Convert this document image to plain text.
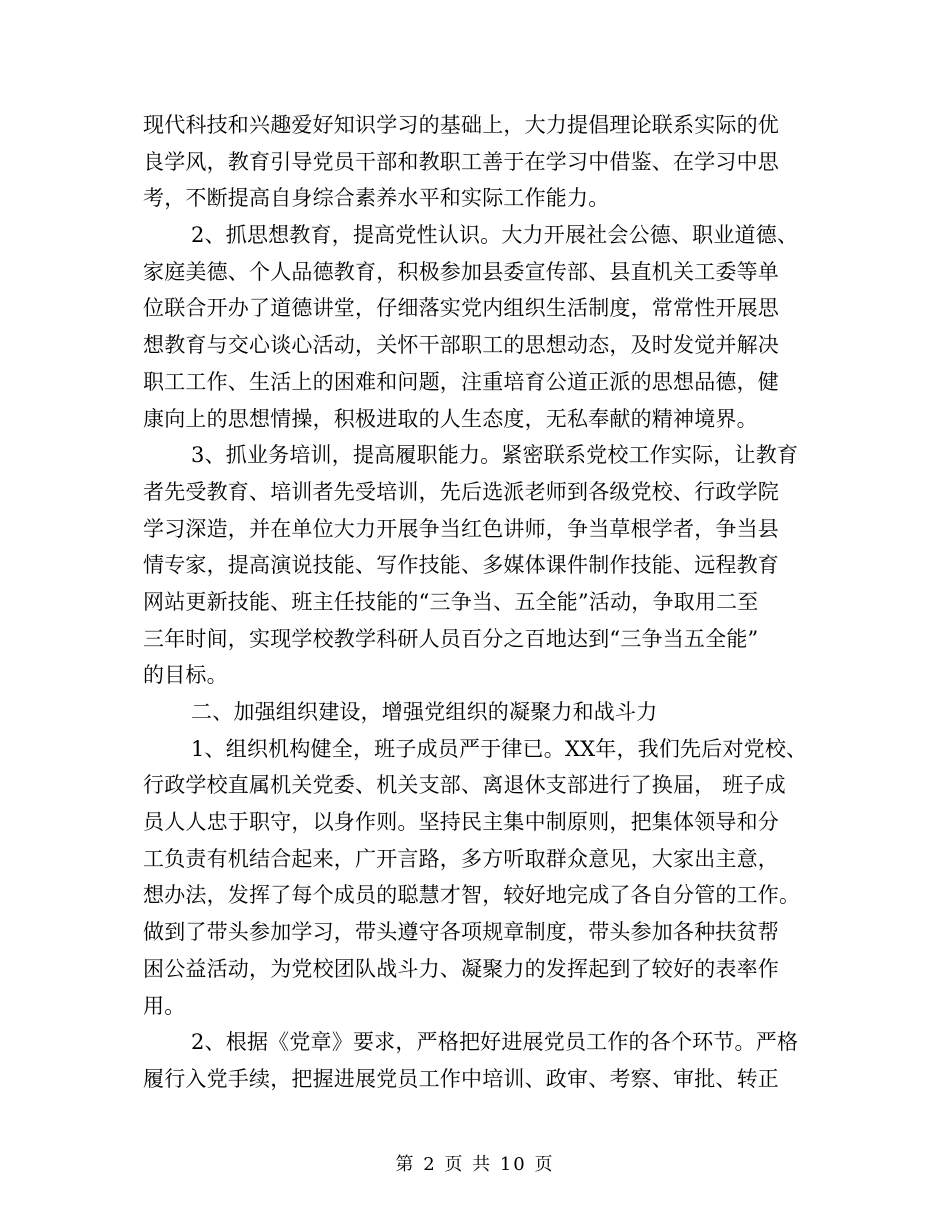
现代科技和兴趣爱好知识学习的基础上，大力提倡理论联系实际的优
良学风，教育引导党员干部和教职工善于在学习中借鉴、在学习中思
考，不断提高自身综合素养水平和实际工作能力。
2、抓思想教育，提高党性认识。大力开展社会公德、职业道德、
家庭美德、个人品德教育，积极参加县委宣传部、县直机关工委等单
位联合开办了道德讲堂，仔细落实党内组织生活制度，常常性开展思
想教育与交心谈心活动，关怀干部职工的思想动态，及时发觉并解决
职工工作、生活上的困难和问题，注重培育公道正派的思想品德，健
康向上的思想情操，积极进取的人生态度，无私奉献的精神境界。
3、抓业务培训，提高履职能力。紧密联系党校工作实际，让教育
者先受教育、培训者先受培训，先后选派老师到各级党校、行政学院
学习深造，并在单位大力开展争当红色讲师，争当草根学者，争当县
情专家，提高演说技能、写作技能、多媒体课件制作技能、远程教育
网站更新技能、班主任技能的“三争当、五全能”活动，争取用二至
三年时间，实现学校教学科研人员百分之百地达到“三争当五全能”
的目标。
二、加强组织建设，增强党组织的凝聚力和战斗力
1、组织机构健全，班子成员严于律已。XX年，我们先后对党校、
行政学校直属机关党委、机关支部、离退休支部进行了换届， 班子成
员人人忠于职守，以身作则。坚持民主集中制原则，把集体领导和分
工负责有机结合起来，广开言路，多方听取群众意见，大家出主意，
想办法，发挥了每个成员的聪慧才智，较好地完成了各自分管的工作。
做到了带头参加学习，带头遵守各项规章制度，带头参加各种扶贫帮
困公益活动，为党校团队战斗力、凝聚力的发挥起到了较好的表率作
用。
2、根据《党章》要求，严格把好进展党员工作的各个环节。严格
履行入党手续，把握进展党员工作中培训、政审、考察、审批、转正
第 2 页 共 10 页
